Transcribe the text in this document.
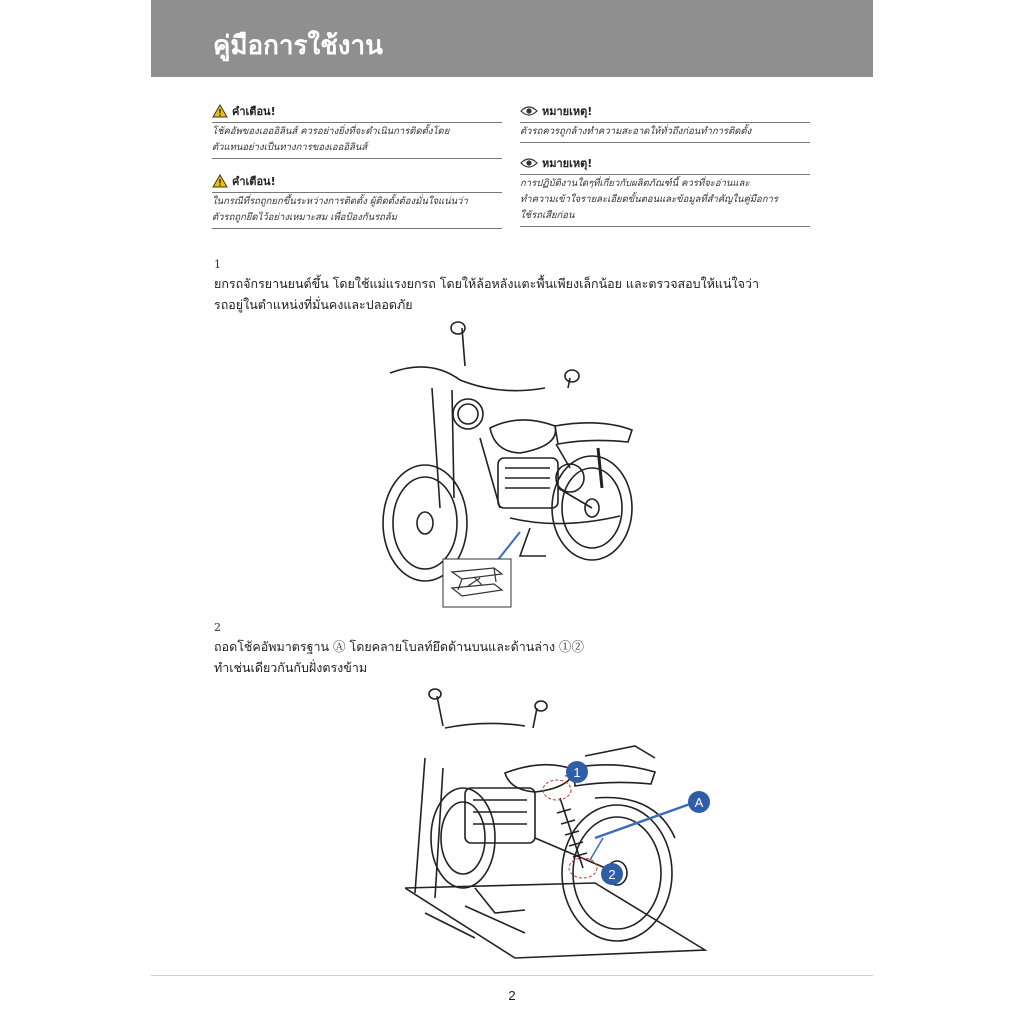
คู่มือการใช้งาน
คำเตือน!
โช้คอัพของเอออิลินส์ ควรอย่างยิ่งที่จะดำเนินการติดตั้งโดย
ตัวแทนอย่างเป็นทางการของเอออิลินส์
คำเตือน!
ในกรณีที่รถถูกยกขึ้นระหว่างการติดตั้ง ผู้ติดตั้งต้องมั่นใจแน่นว่า
ตัวรถถูกยึดไว้อย่างเหมาะสม เพื่อป้องกันรถล้ม
หมายเหตุ!
ตัวรถควรถูกล้างทำความสะอาดให้ทั่วถึงก่อนทำการติดตั้ง
หมายเหตุ!
การปฏิบัติงานใดๆที่เกี่ยวกับผลิตภัณฑ์นี้ ควรที่จะอ่านและ
ทำความเข้าใจรายละเอียดขั้นตอนและข้อมูลที่สำคัญในคู่มือการ
ใช้รถเสียก่อน
1
ยกรถจักรยานยนต์ขึ้น โดยใช้แม่แรงยกรถ โดยให้ล้อหลังแตะพื้นเพียงเล็กน้อย และตรวจสอบให้แน่ใจว่า
รถอยู่ในตำแหน่งที่มั่นคงและปลอดภัย
2
ถอดโช้คอัพมาตรฐาน Ⓐ โดยคลายโบลท์ยึดด้านบนและด้านล่าง ①②
ทำเช่นเดียวกันกับฝั่งตรงข้าม
1
2
A
2
